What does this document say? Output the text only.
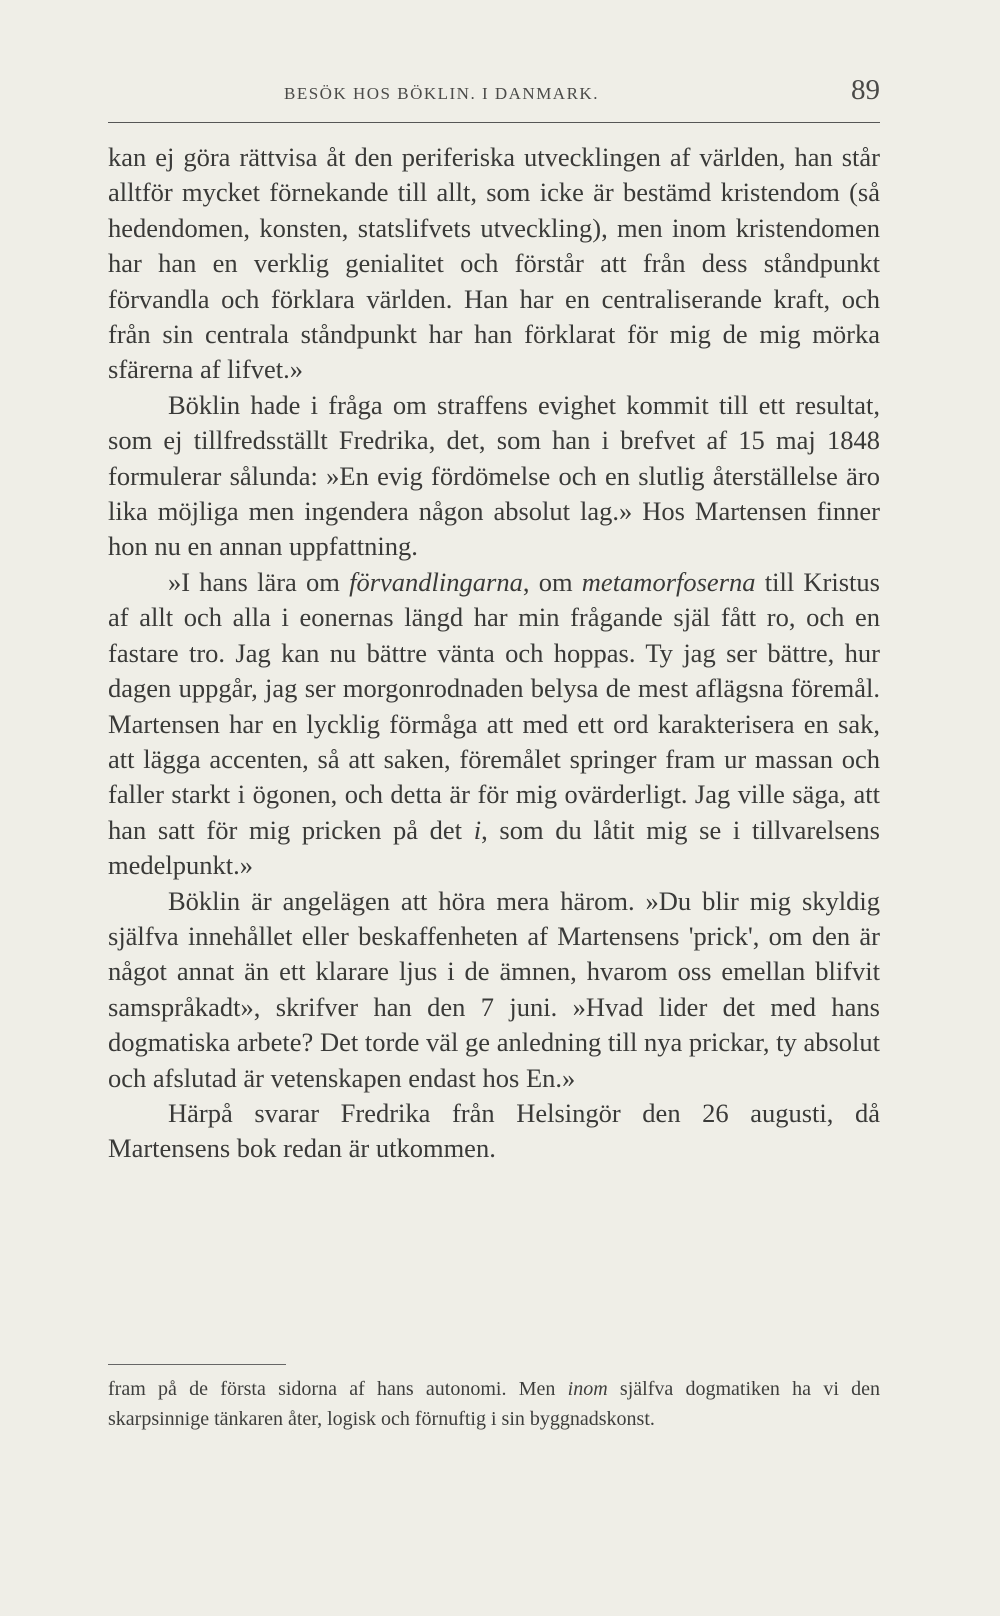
BESÖK HOS BÖKLIN. I DANMARK.	89

kan ej göra rättvisa åt den periferiska utvecklingen af världen, han står alltför mycket förnekande till allt, som icke är bestämd kristendom (så hedendomen, konsten, statslifvets utveckling), men inom kristendomen har han en verklig genialitet och förstår att från dess ståndpunkt förvandla och förklara världen. Han har en centraliserande kraft, och från sin centrala ståndpunkt har han förklarat för mig de mig mörka sfärerna af lifvet.»

Böklin hade i fråga om straffens evighet kommit till ett resultat, som ej tillfredsställt Fredrika, det, som han i brefvet af 15 maj 1848 formulerar sålunda: »En evig fördömelse och en slutlig återställelse äro lika möjliga men ingendera någon absolut lag.» Hos Martensen finner hon nu en annan uppfattning.

»I hans lära om förvandlingarna, om metamorfoserna till Kristus af allt och alla i eonernas längd har min frågande själ fått ro, och en fastare tro. Jag kan nu bättre vänta och hoppas. Ty jag ser bättre, hur dagen uppgår, jag ser morgonrodnaden belysa de mest aflägsna föremål. Martensen har en lycklig förmåga att med ett ord karakterisera en sak, att lägga accenten, så att saken, föremålet springer fram ur massan och faller starkt i ögonen, och detta är för mig ovärderligt. Jag ville säga, att han satt för mig pricken på det i, som du låtit mig se i tillvarelsens medelpunkt.»

Böklin är angelägen att höra mera härom. »Du blir mig skyldig själfva innehållet eller beskaffenheten af Martensens 'prick', om den är något annat än ett klarare ljus i de ämnen, hvarom oss emellan blifvit samspråkadt», skrifver han den 7 juni. »Hvad lider det med hans dogmatiska arbete? Det torde väl ge anledning till nya prickar, ty absolut och afslutad är vetenskapen endast hos En.»

Härpå svarar Fredrika från Helsingör den 26 augusti, då Martensens bok redan är utkommen.

fram på de första sidorna af hans autonomi. Men inom själfva dogmatiken ha vi den skarpsinnige tänkaren åter, logisk och förnuftig i sin byggnadskonst.
